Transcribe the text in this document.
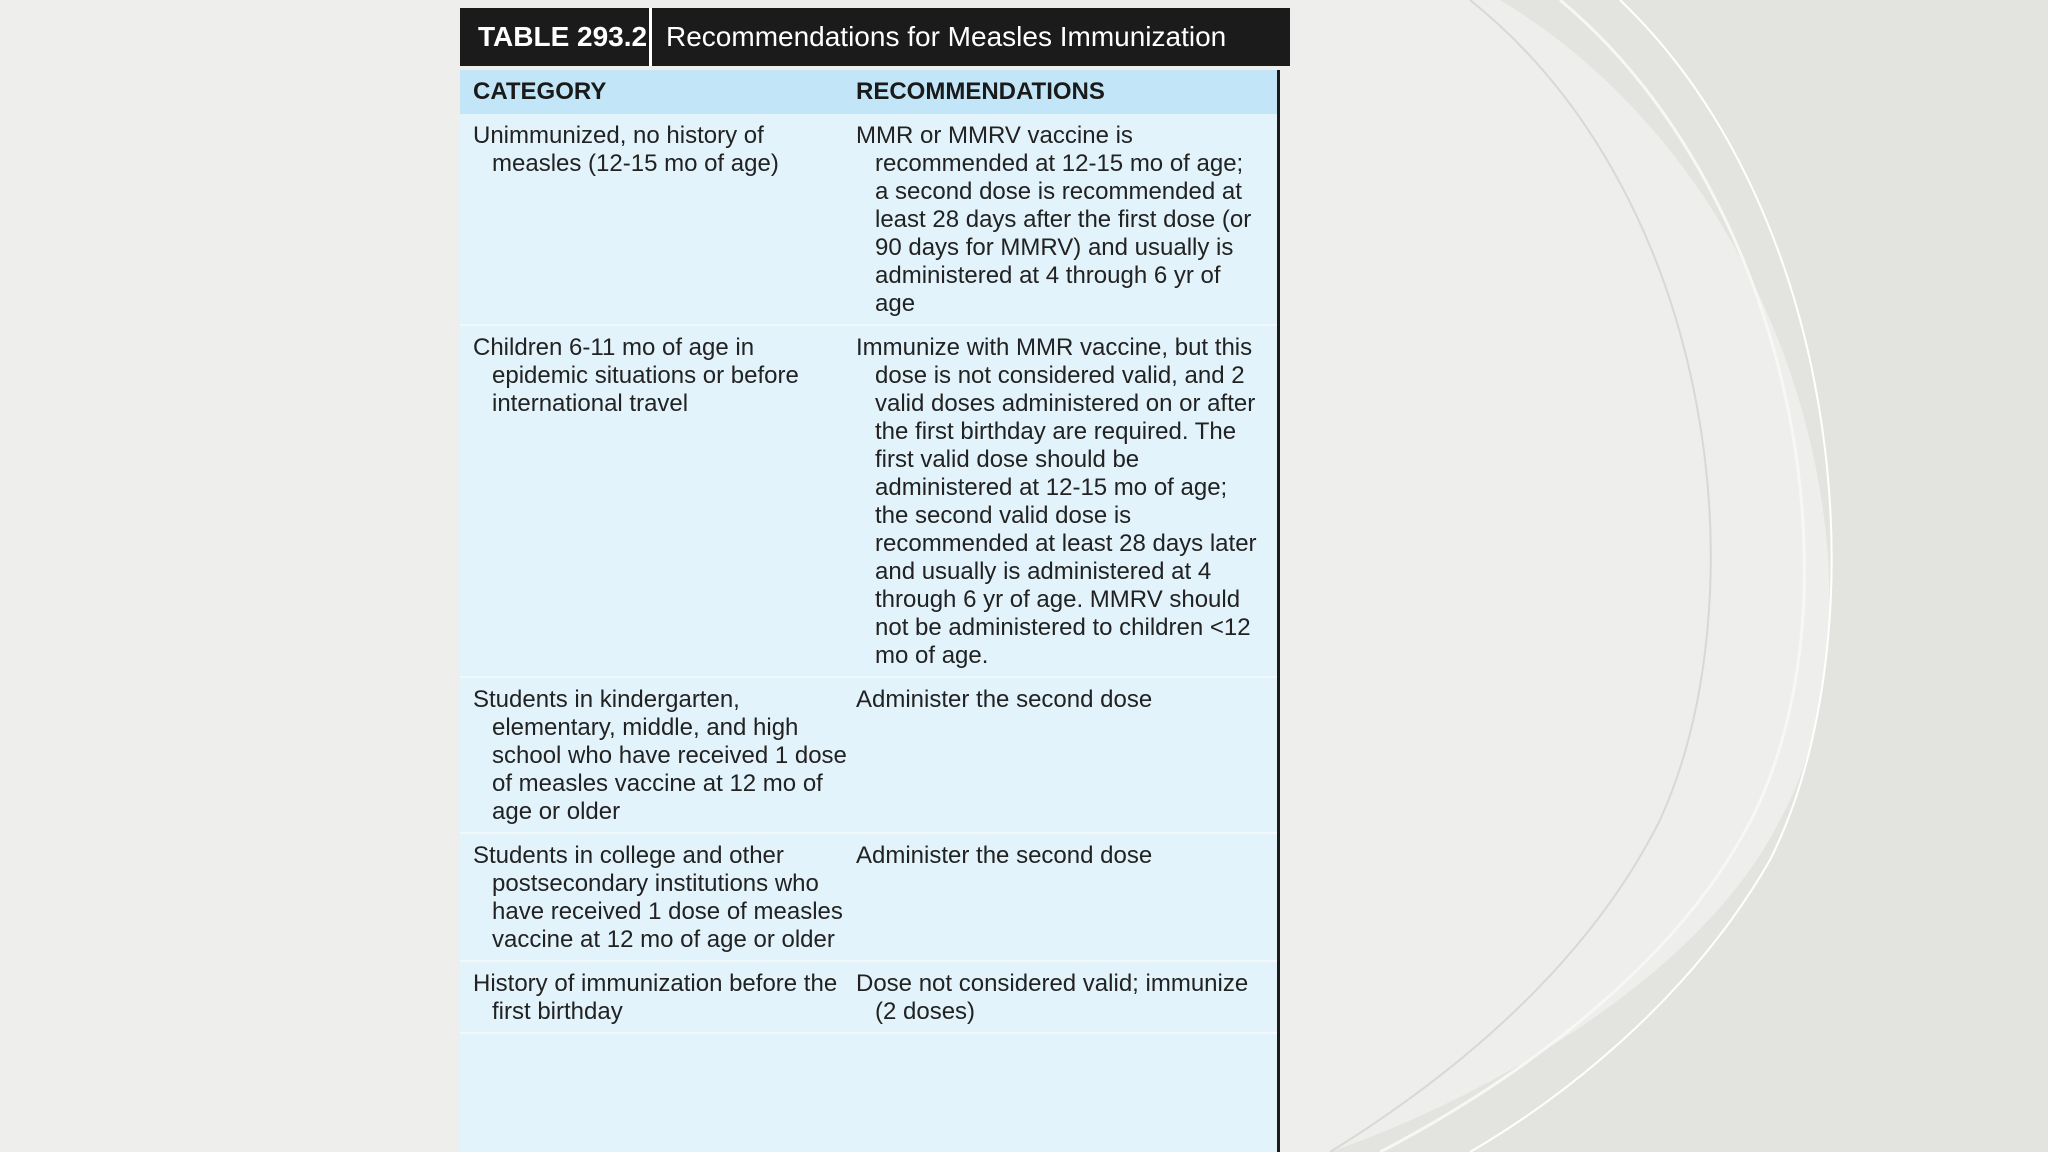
TABLE 293.2 Recommendations for Measles Immunization
CATEGORY	RECOMMENDATIONS
Unimmunized, no history of measles (12-15 mo of age)
MMR or MMRV vaccine is recommended at 12-15 mo of age; a second dose is recommended at least 28 days after the first dose (or 90 days for MMRV) and usually is administered at 4 through 6 yr of age
Children 6-11 mo of age in epidemic situations or before international travel
Immunize with MMR vaccine, but this dose is not considered valid, and 2 valid doses administered on or after the first birthday are required. The first valid dose should be administered at 12-15 mo of age; the second valid dose is recommended at least 28 days later and usually is administered at 4 through 6 yr of age. MMRV should not be administered to children <12 mo of age.
Students in kindergarten, elementary, middle, and high school who have received 1 dose of measles vaccine at 12 mo of age or older
Administer the second dose
Students in college and other postsecondary institutions who have received 1 dose of measles vaccine at 12 mo of age or older
Administer the second dose
History of immunization before the first birthday
Dose not considered valid; immunize (2 doses)
